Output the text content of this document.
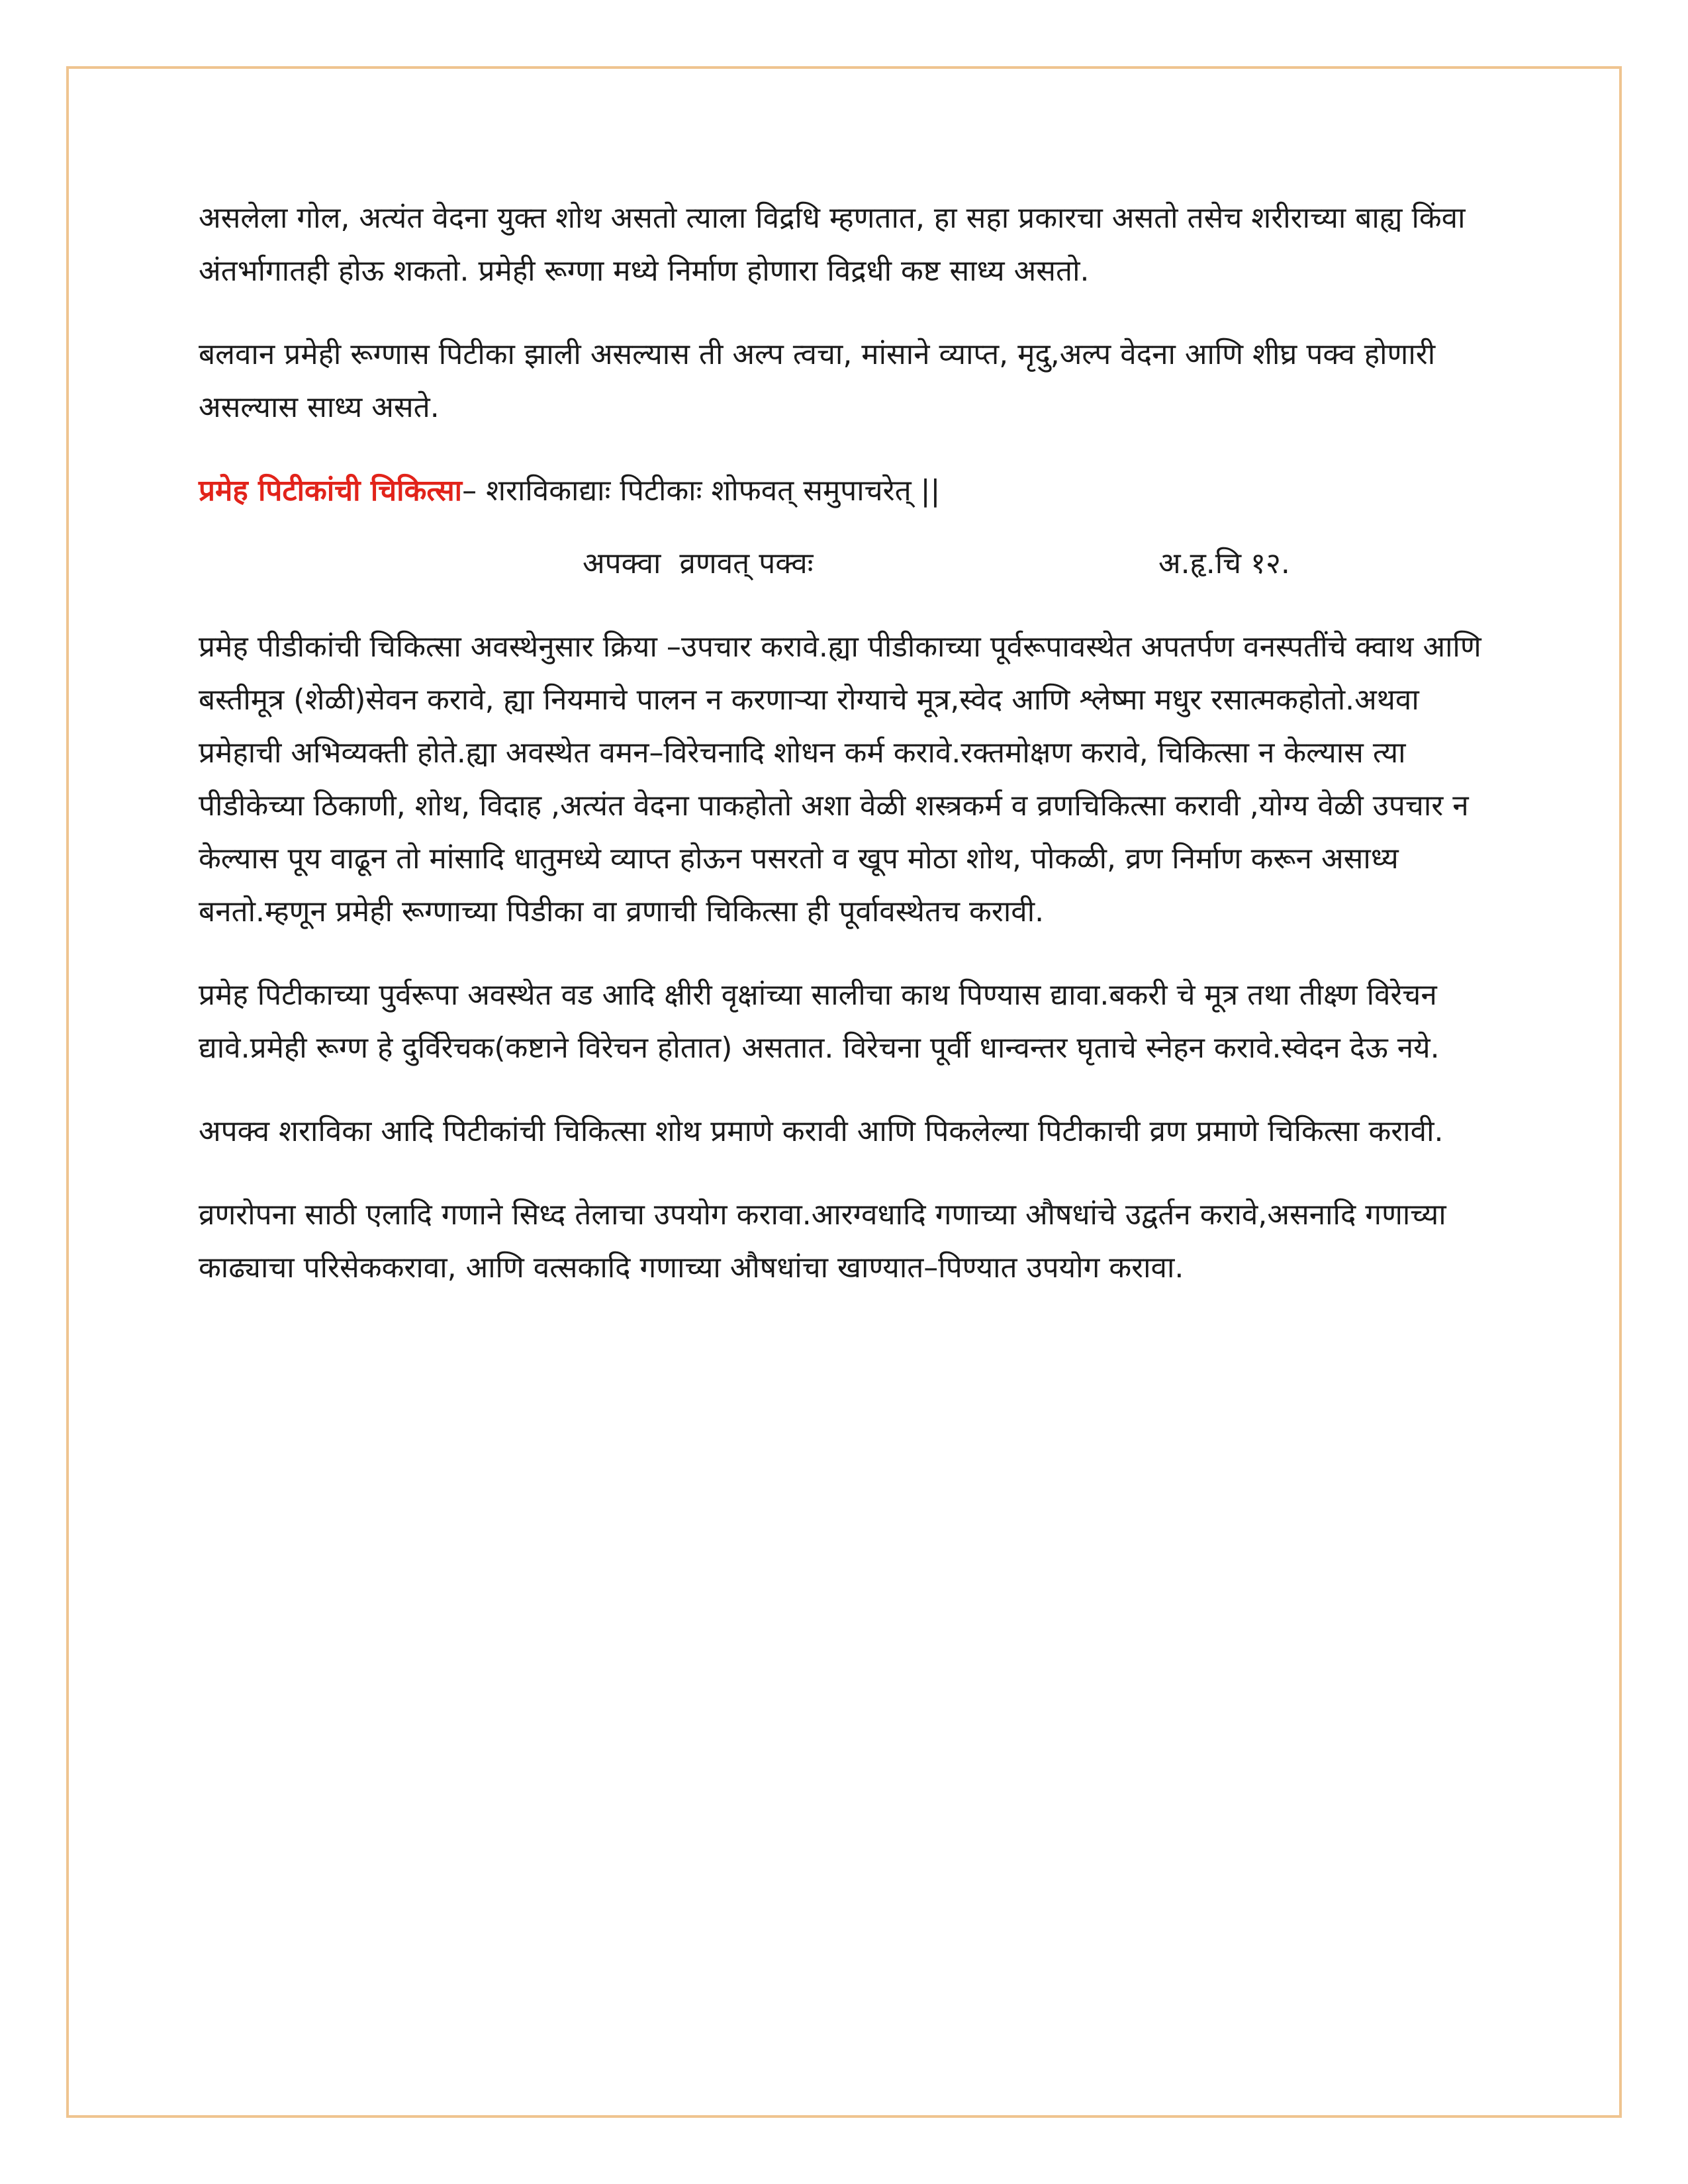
असलेला गोल, अत्यंत वेदना युक्त शोथ असतो त्याला विद्रधि म्हणतात, हा सहा प्रकारचा असतो तसेच शरीराच्या बाह्य किंवा अंतर्भागातही होऊ शकतो. प्रमेही रूग्णा मध्ये निर्माण होणारा विद्रधी कष्ट साध्य असतो.

बलवान प्रमेही रूग्णास पिटीका झाली असल्यास ती अल्प त्वचा, मांसाने व्याप्त, मृदु,अल्प वेदना आणि शीघ्र पक्व होणारी असल्यास साध्य असते.

प्रमेह पिटीकांची चिकित्सा– शराविकाद्याः पिटीकाः शोफवत् समुपाचरेत् ||

अपक्वा  व्रणवत् पक्वः	अ.हृ.चि १२.

प्रमेह पीडीकांची चिकित्सा अवस्थेनुसार क्रिया –उपचार करावे.ह्या पीडीकाच्या पूर्वरूपावस्थेत अपतर्पण वनस्पतींचे क्वाथ आणि बस्तीमूत्र (शेळी)सेवन करावे, ह्या नियमाचे पालन न करणाऱ्या रोग्याचे मूत्र,स्वेद आणि श्लेष्मा मधुर रसात्मकहोतो.अथवा प्रमेहाची अभिव्यक्ती होते.ह्या अवस्थेत वमन–विरेचनादि शोधन कर्म करावे.रक्तमोक्षण करावे, चिकित्सा न केल्यास त्या पीडीकेच्या ठिकाणी, शोथ, विदाह ,अत्यंत वेदना पाकहोतो अशा वेळी शस्त्रकर्म व व्रणचिकित्सा करावी ,योग्य वेळी उपचार न केल्यास पूय वाढून तो मांसादि धातुमध्ये व्याप्त होऊन पसरतो व खूप मोठा शोथ, पोकळी, व्रण निर्माण करून असाध्य बनतो.म्हणून प्रमेही रूग्णाच्या पिडीका वा व्रणाची चिकित्सा ही पूर्वावस्थेतच करावी.

प्रमेह पिटीकाच्या पुर्वरूपा अवस्थेत वड आदि क्षीरी वृक्षांच्या सालीचा काथ पिण्यास द्यावा.बकरी चे मूत्र तथा तीक्ष्ण विरेचन द्यावे.प्रमेही रूग्ण हे दुर्विरेचक(कष्टाने विरेचन होतात) असतात. विरेचना पूर्वी धान्वन्तर घृताचे स्नेहन करावे.स्वेदन देऊ नये.

अपक्व शराविका आदि पिटीकांची चिकित्सा शोथ प्रमाणे करावी आणि पिकलेल्या पिटीकाची व्रण प्रमाणे चिकित्सा करावी.

व्रणरोपना साठी एलादि गणाने सिध्द तेलाचा उपयोग करावा.आरग्वधादि गणाच्या औषधांचे उद्वर्तन करावे,असनादि गणाच्या काढ्याचा परिसेककरावा, आणि वत्सकादि गणाच्या औषधांचा खाण्यात–पिण्यात उपयोग करावा.
